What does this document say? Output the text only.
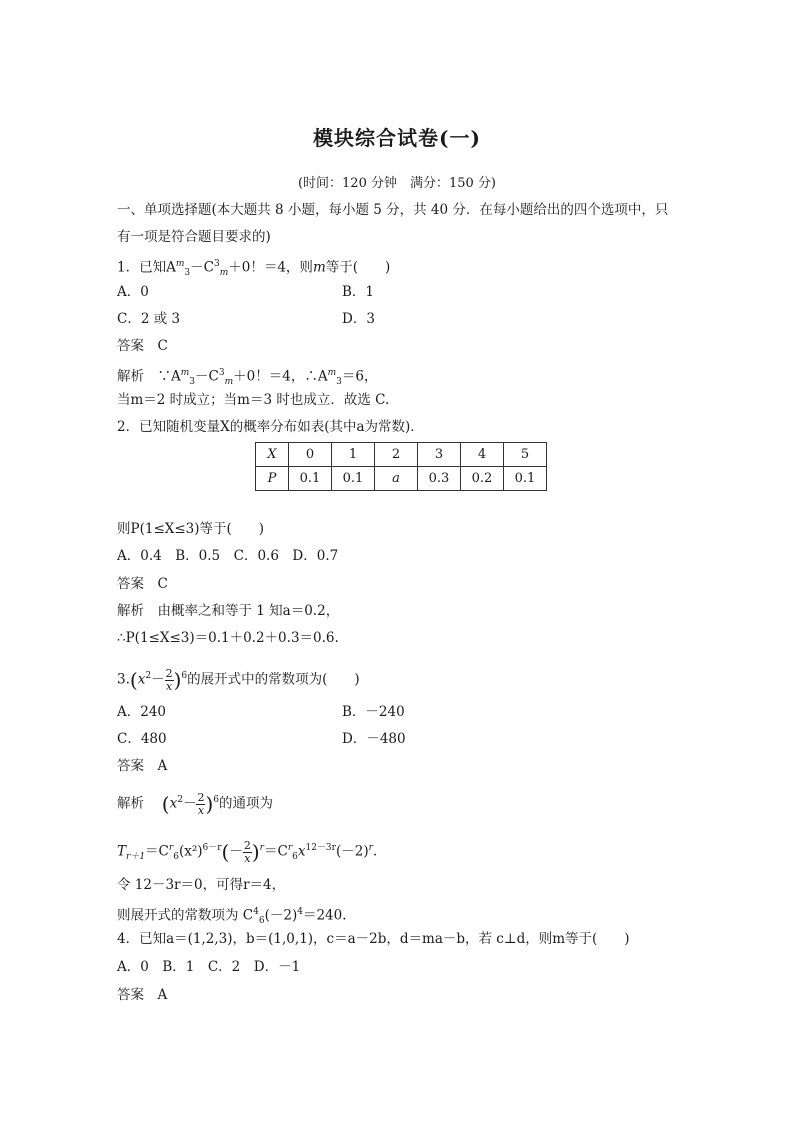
模块综合试卷(一)
(时间：120 分钟　满分：150 分)
一、单项选择题(本大题共 8 小题，每小题 5 分，共 40 分．在每小题给出的四个选项中，只
有一项是符合题目要求的)
1．已知$A^m_3-C^3_m+0$！＝4，则m等于(　　)
A．0	B．1
C．2 或 3	D．3
答案　C
解析　$\because A^m_3-C^3_m+0$！＝4，$\therefore A^m_3=6$，
当m＝2 时成立；当m＝3 时也成立．故选 C.
2．已知随机变量X的概率分布如表(其中a为常数)．
X	0	1	2	3	4	5
P	0.1	0.1	a	0.3	0.2	0.1
则P(1≤X≤3)等于(　　)
A．0.4　B．0.5　C．0.6　D．0.7
答案　C
解析　由概率之和等于 1 知a＝0.2，
∴P(1≤X≤3)＝0.1＋0.2＋0.3＝0.6.
$3.(x^2- \frac{2}{x} )^6$的展开式中的常数项为(　　)
A．240	B．－240
C．480	D．－480
答案　A
解析　 $(x^2- \frac{2}{x} )^6$的通项为
$T_{r+1}=C^r_6(x^2)^{6-r}(- \frac{2}{x} )^r=C^r_6x^{12-3r}(-2)^r$.
令 12－3r＝0，可得r＝4，
则展开式的常数项为 $C^4_6(-2)^4=240$.
4．已知a＝(1,2,3)，b＝(1,0,1)，c＝a－2b，d＝ma－b，若 c⊥d，则m等于(　　)
A．0　B．1　C．2　D．－1
答案　A
